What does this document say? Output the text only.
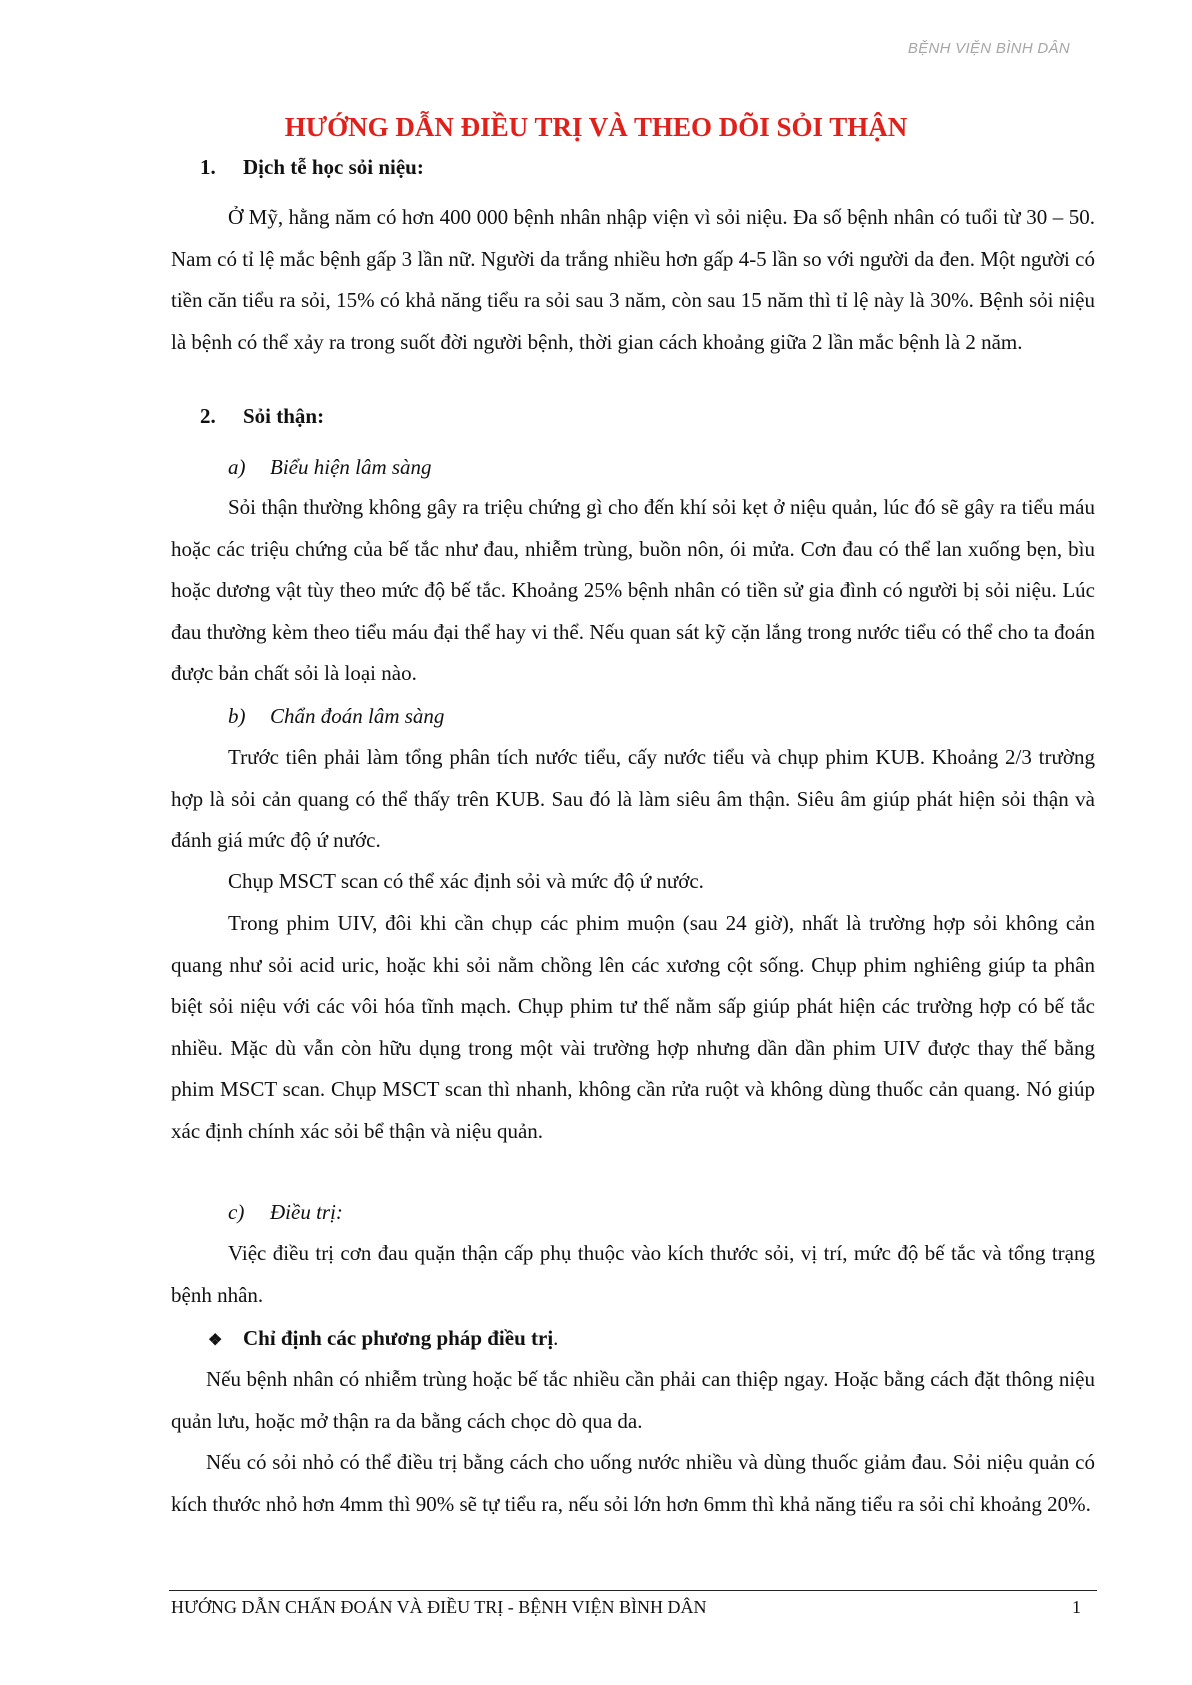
BỆNH VIỆN BÌNH DÂN
HƯỚNG DẪN ĐIỀU TRỊ VÀ THEO DÕI SỎI THẬN
1. Dịch tễ học sỏi niệu:

Ở Mỹ, hằng năm có hơn 400 000 bệnh nhân nhập viện vì sỏi niệu. Đa số bệnh nhân có tuổi từ 30 – 50. Nam có tỉ lệ mắc bệnh gấp 3 lần nữ. Người da trắng nhiều hơn gấp 4-5 lần so với người da đen. Một người có tiền căn tiểu ra sỏi, 15% có khả năng tiểu ra sỏi sau 3 năm, còn sau 15 năm thì tỉ lệ này là 30%. Bệnh sỏi niệu là bệnh có thể xảy ra trong suốt đời người bệnh, thời gian cách khoảng giữa 2 lần mắc bệnh là 2 năm.

2. Sỏi thận:
a) Biểu hiện lâm sàng

Sỏi thận thường không gây ra triệu chứng gì cho đến khí sỏi kẹt ở niệu quản, lúc đó sẽ gây ra tiểu máu hoặc các triệu chứng của bế tắc như đau, nhiễm trùng, buồn nôn, ói mửa. Cơn đau có thể lan xuống bẹn, bìu hoặc dương vật tùy theo mức độ bế tắc. Khoảng 25% bệnh nhân có tiền sử gia đình có người bị sỏi niệu. Lúc đau thường kèm theo tiểu máu đại thể hay vi thể. Nếu quan sát kỹ cặn lắng trong nước tiểu có thể cho ta đoán được bản chất sỏi là loại nào.

b) Chẩn đoán lâm sàng

Trước tiên phải làm tổng phân tích nước tiểu, cấy nước tiểu và chụp phim KUB. Khoảng 2/3 trường hợp là sỏi cản quang có thể thấy trên KUB. Sau đó là làm siêu âm thận. Siêu âm giúp phát hiện sỏi thận và đánh giá mức độ ứ nước.

Chụp MSCT scan có thể xác định sỏi và mức độ ứ nước.

Trong phim UIV, đôi khi cần chụp các phim muộn (sau 24 giờ), nhất là trường hợp sỏi không cản quang như sỏi acid uric, hoặc khi sỏi nằm chồng lên các xương cột sống. Chụp phim nghiêng giúp ta phân biệt sỏi niệu với các vôi hóa tĩnh mạch. Chụp phim tư thế nằm sấp giúp phát hiện các trường hợp có bế tắc nhiều. Mặc dù vẫn còn hữu dụng trong một vài trường hợp nhưng dần dần phim UIV được thay thế bằng phim MSCT scan. Chụp MSCT scan thì nhanh, không cần rửa ruột và không dùng thuốc cản quang. Nó giúp xác định chính xác sỏi bể thận và niệu quản.

c) Điều trị:

Việc điều trị cơn đau quặn thận cấp phụ thuộc vào kích thước sỏi, vị trí, mức độ bế tắc và tổng trạng bệnh nhân.

❖ Chỉ định các phương pháp điều trị.

Nếu bệnh nhân có nhiễm trùng hoặc bế tắc nhiều cần phải can thiệp ngay. Hoặc bằng cách đặt thông niệu quản lưu, hoặc mở thận ra da bằng cách chọc dò qua da.

Nếu có sỏi nhỏ có thể điều trị bằng cách cho uống nước nhiều và dùng thuốc giảm đau. Sỏi niệu quản có kích thước nhỏ hơn 4mm thì 90% sẽ tự tiểu ra, nếu sỏi lớn hơn 6mm thì khả năng tiểu ra sỏi chỉ khoảng 20%.

HƯỚNG DẪN CHẨN ĐOÁN VÀ ĐIỀU TRỊ - BỆNH VIỆN BÌNH DÂN	1
